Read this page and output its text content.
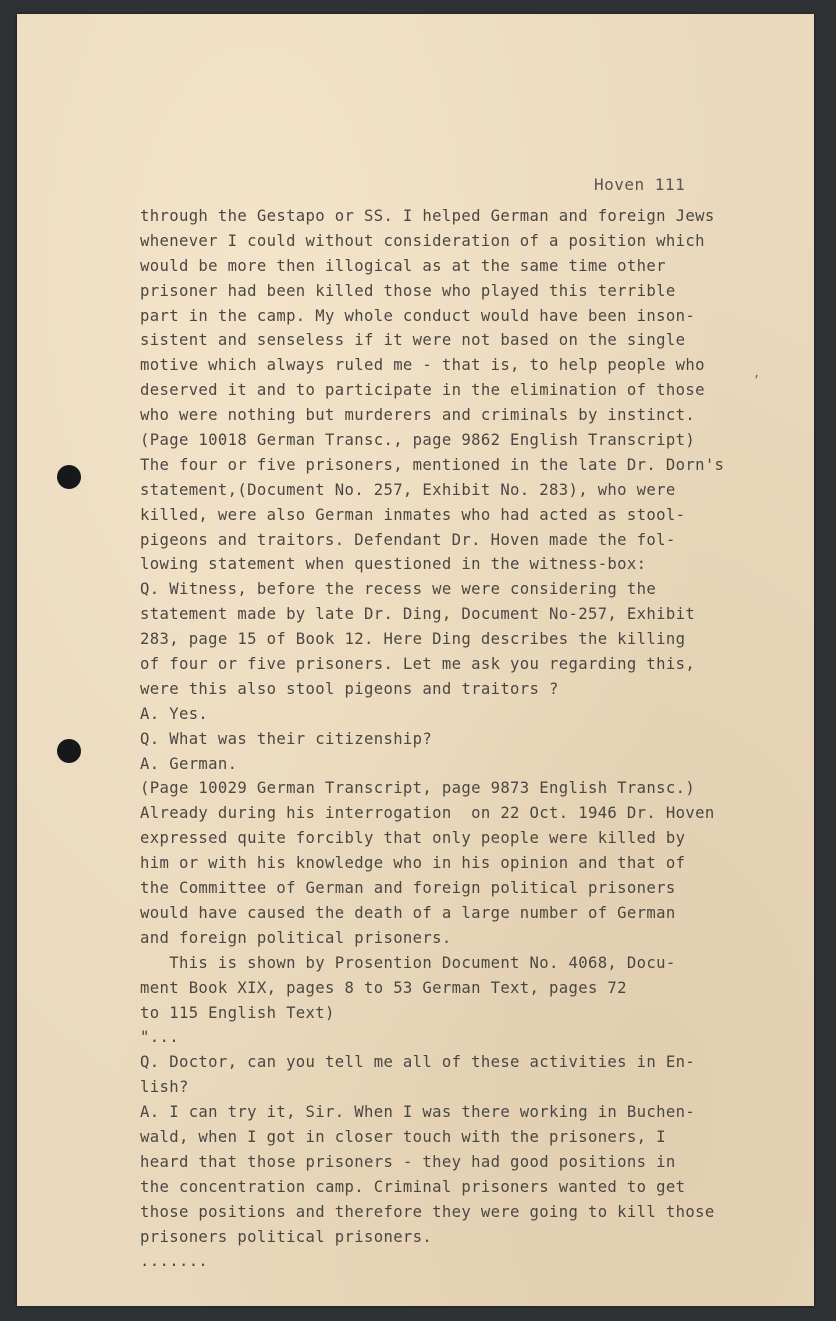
Hoven 111
,
through the Gestapo or SS. I helped German and foreign Jews
whenever I could without consideration of a position which
would be more then illogical as at the same time other
prisoner had been killed those who played this terrible
part in the camp. My whole conduct would have been inson-
sistent and senseless if it were not based on the single
motive which always ruled me - that is, to help people who
deserved it and to participate in the elimination of those
who were nothing but murderers and criminals by instinct.
(Page 10018 German Transc., page 9862 English Transcript)
The four or five prisoners, mentioned in the late Dr. Dorn's
statement,(Document No. 257, Exhibit No. 283), who were
killed, were also German inmates who had acted as stool-
pigeons and traitors. Defendant Dr. Hoven made the fol-
lowing statement when questioned in the witness-box:
Q. Witness, before the recess we were considering the
statement made by late Dr. Ding, Document No-257, Exhibit
283, page 15 of Book 12. Here Ding describes the killing
of four or five prisoners. Let me ask you regarding this,
were this also stool pigeons and traitors ?
A. Yes.
Q. What was their citizenship?
A. German.
(Page 10029 German Transcript, page 9873 English Transc.)
Already during his interrogation  on 22 Oct. 1946 Dr. Hoven
expressed quite forcibly that only people were killed by
him or with his knowledge who in his opinion and that of
the Committee of German and foreign political prisoners
would have caused the death of a large number of German
and foreign political prisoners.
This is shown by Prosention Document No. 4068, Docu-
ment Book XIX, pages 8 to 53 German Text, pages 72
to 115 English Text)
"...
Q. Doctor, can you tell me all of these activities in En-
lish?
A. I can try it, Sir. When I was there working in Buchen-
wald, when I got in closer touch with the prisoners, I
heard that those prisoners - they had good positions in
the concentration camp. Criminal prisoners wanted to get
those positions and therefore they were going to kill those
prisoners political prisoners.
.......
